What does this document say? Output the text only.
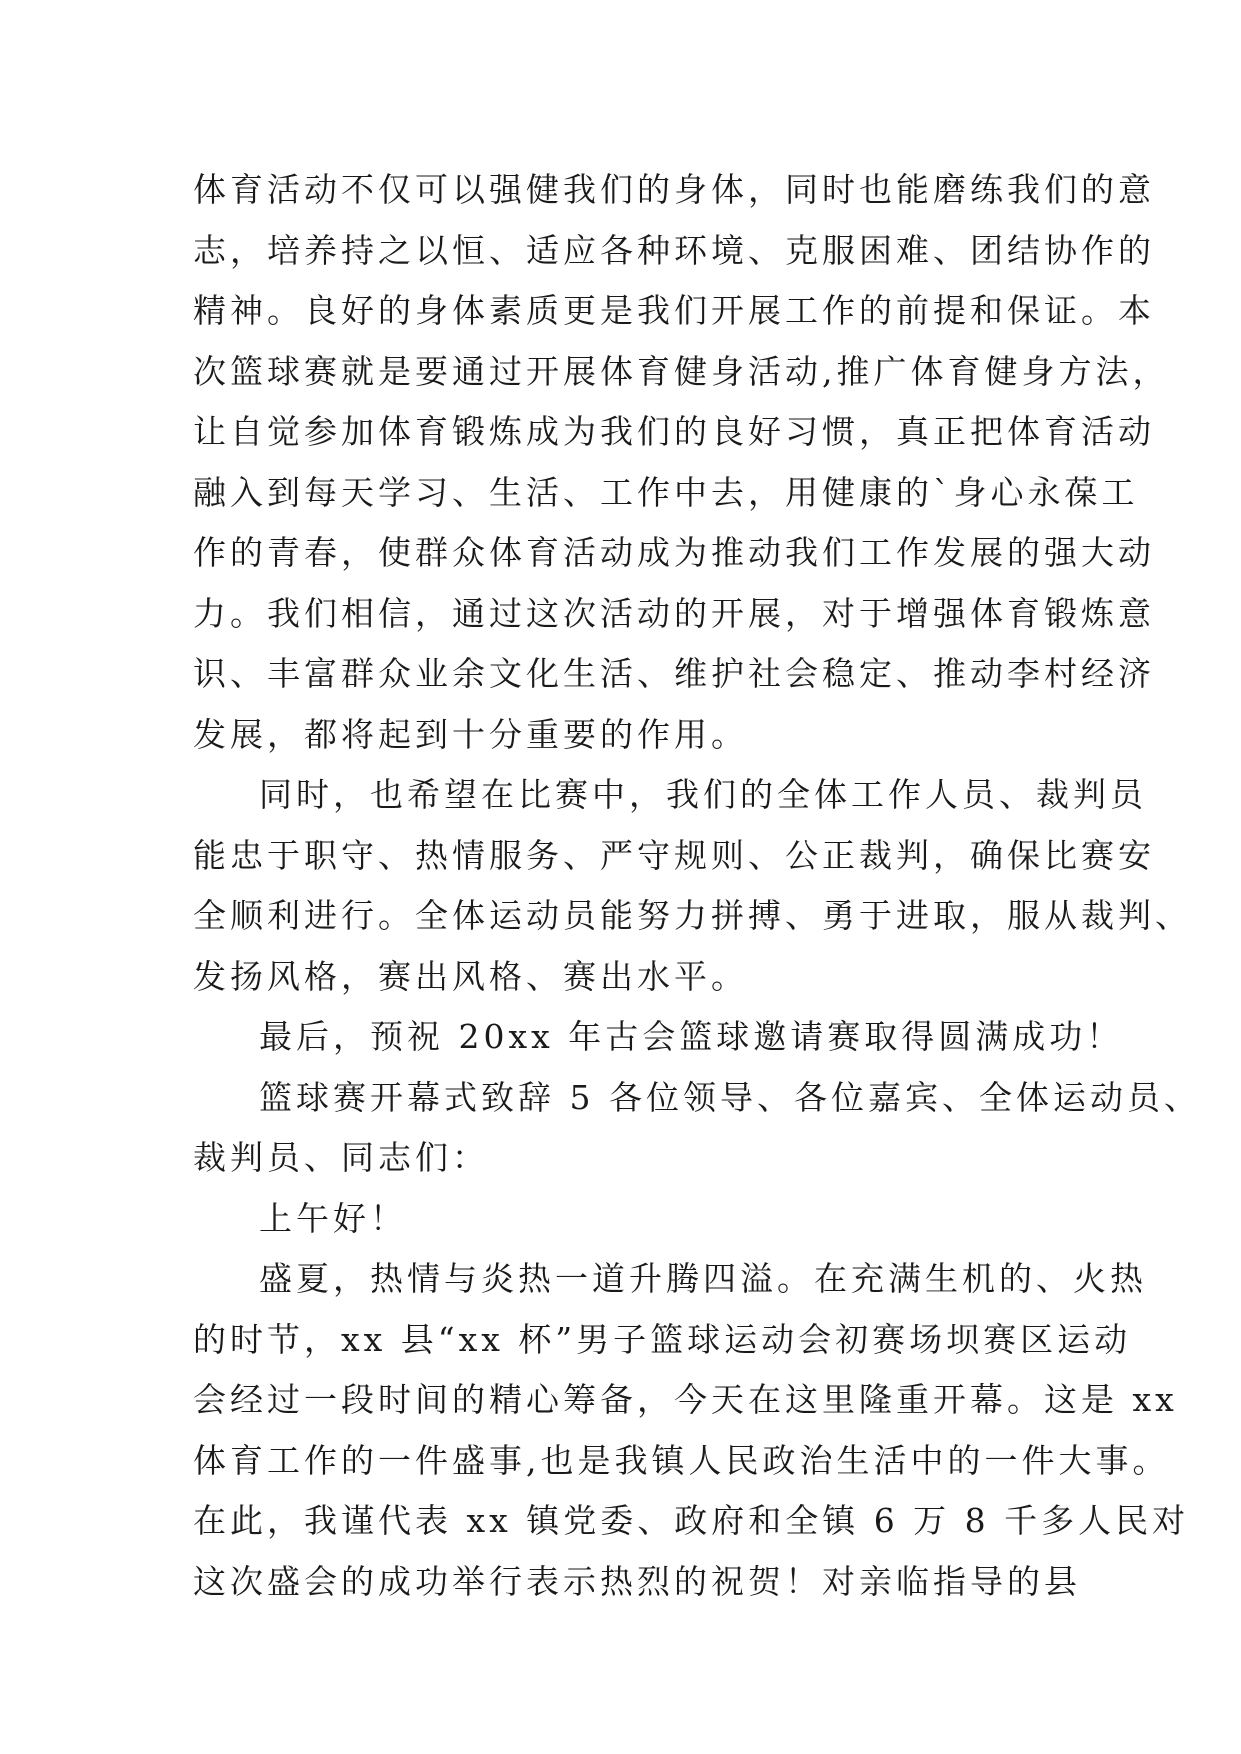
体育活动不仅可以强健我们的身体，同时也能磨练我们的意
志，培养持之以恒、适应各种环境、克服困难、团结协作的
精神。良好的身体素质更是我们开展工作的前提和保证。本
次篮球赛就是要通过开展体育健身活动,推广体育健身方法，
让自觉参加体育锻炼成为我们的良好习惯，真正把体育活动
融入到每天学习、生活、工作中去，用健康的`身心永葆工
作的青春，使群众体育活动成为推动我们工作发展的强大动
力。我们相信，通过这次活动的开展，对于增强体育锻炼意
识、丰富群众业余文化生活、维护社会稳定、推动李村经济
发展，都将起到十分重要的作用。
同时，也希望在比赛中，我们的全体工作人员、裁判员
能忠于职守、热情服务、严守规则、公正裁判，确保比赛安
全顺利进行。全体运动员能努力拼搏、勇于进取，服从裁判、
发扬风格，赛出风格、赛出水平。
最后，预祝 20xx 年古会篮球邀请赛取得圆满成功！
篮球赛开幕式致辞 5 各位领导、各位嘉宾、全体运动员、
裁判员、同志们：
上午好！
盛夏，热情与炎热一道升腾四溢。在充满生机的、火热
的时节，xx 县“xx 杯”男子篮球运动会初赛场坝赛区运动
会经过一段时间的精心筹备，今天在这里隆重开幕。这是 xx
体育工作的一件盛事,也是我镇人民政治生活中的一件大事。
在此，我谨代表 xx 镇党委、政府和全镇 6 万 8 千多人民对
这次盛会的成功举行表示热烈的祝贺！对亲临指导的县
